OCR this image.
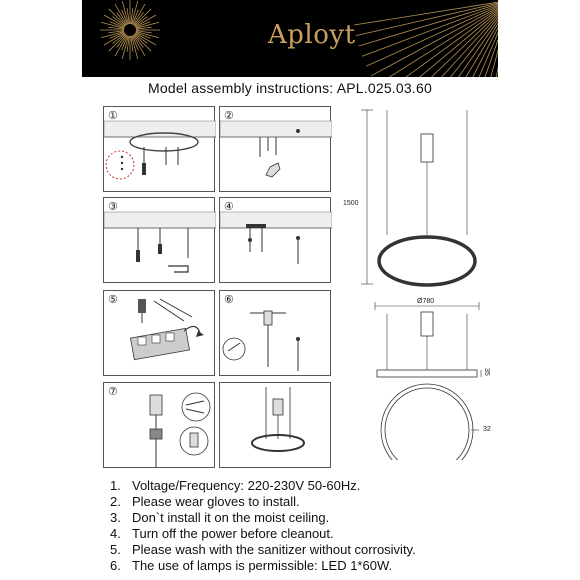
Aployt
Model assembly instructions: APL.025.03.60
①	②
③	④
⑤	⑥
⑦
1500
Ø780
35
32
1. Voltage/Frequency: 220-230V 50-60Hz.
2. Please wear gloves to install.
3. Don`t install it on the moist ceiling.
4. Turn off the power before cleanout.
5. Please wash with the sanitizer without corrosivity.
6. The use of lamps is permissible: LED 1*60W.
